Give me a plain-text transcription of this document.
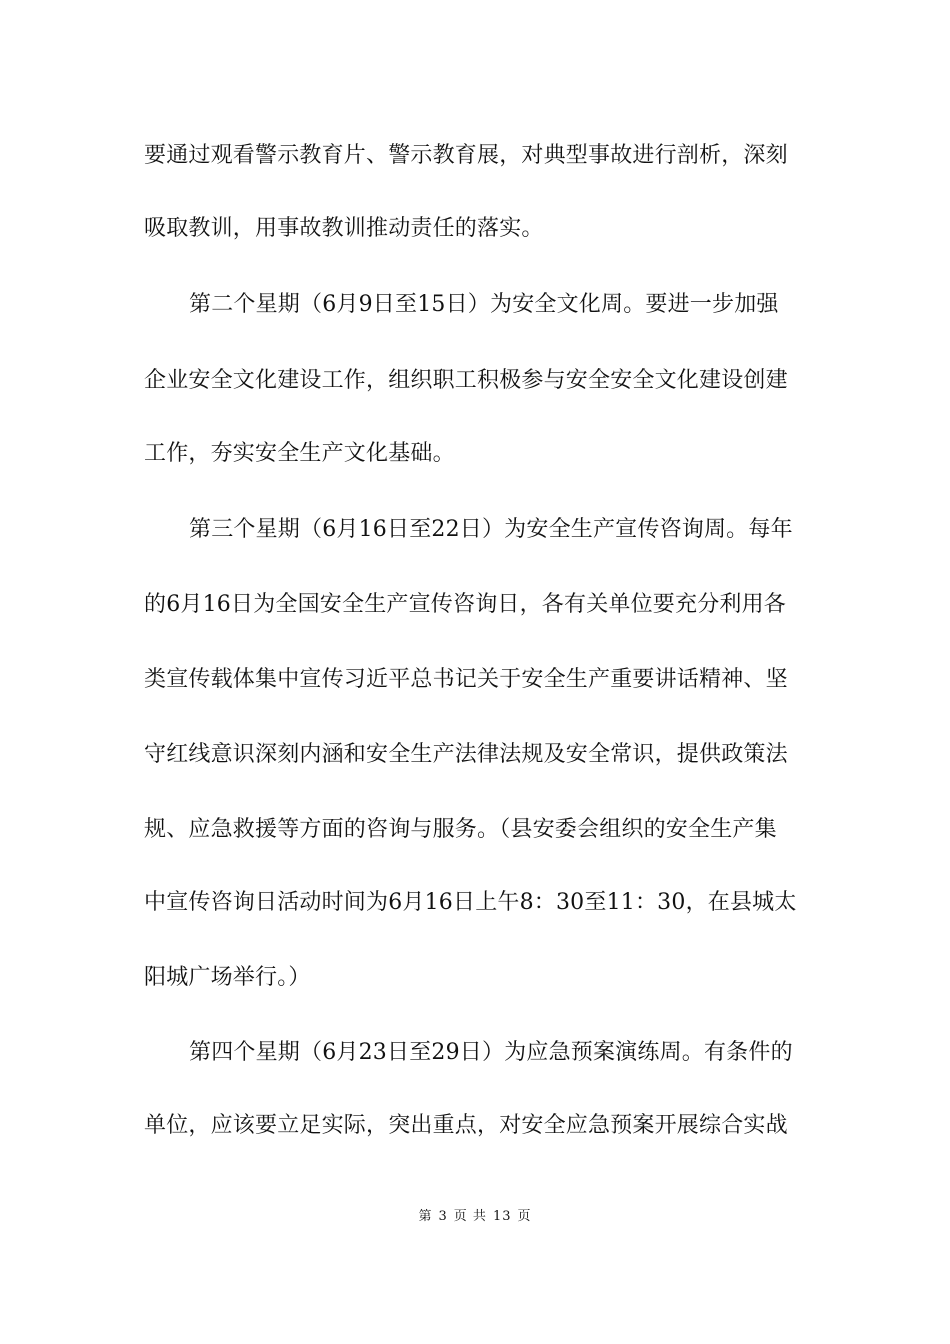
要通过观看警示教育片、警示教育展，对典型事故进行剖析，深刻
吸取教训，用事故教训推动责任的落实。
第二个星期（6月9日至15日）为安全文化周。要进一步加强
企业安全文化建设工作，组织职工积极参与安全安全文化建设创建
工作，夯实安全生产文化基础。
第三个星期（6月16日至22日）为安全生产宣传咨询周。每年
的6月16日为全国安全生产宣传咨询日，各有关单位要充分利用各
类宣传载体集中宣传习近平总书记关于安全生产重要讲话精神、坚
守红线意识深刻内涵和安全生产法律法规及安全常识，提供政策法
规、应急救援等方面的咨询与服务。（县安委会组织的安全生产集
中宣传咨询日活动时间为6月16日上午8：30至11：30，在县城太
阳城广场举行。）
第四个星期（6月23日至29日）为应急预案演练周。有条件的
单位，应该要立足实际，突出重点，对安全应急预案开展综合实战
第 3 页 共 13 页
